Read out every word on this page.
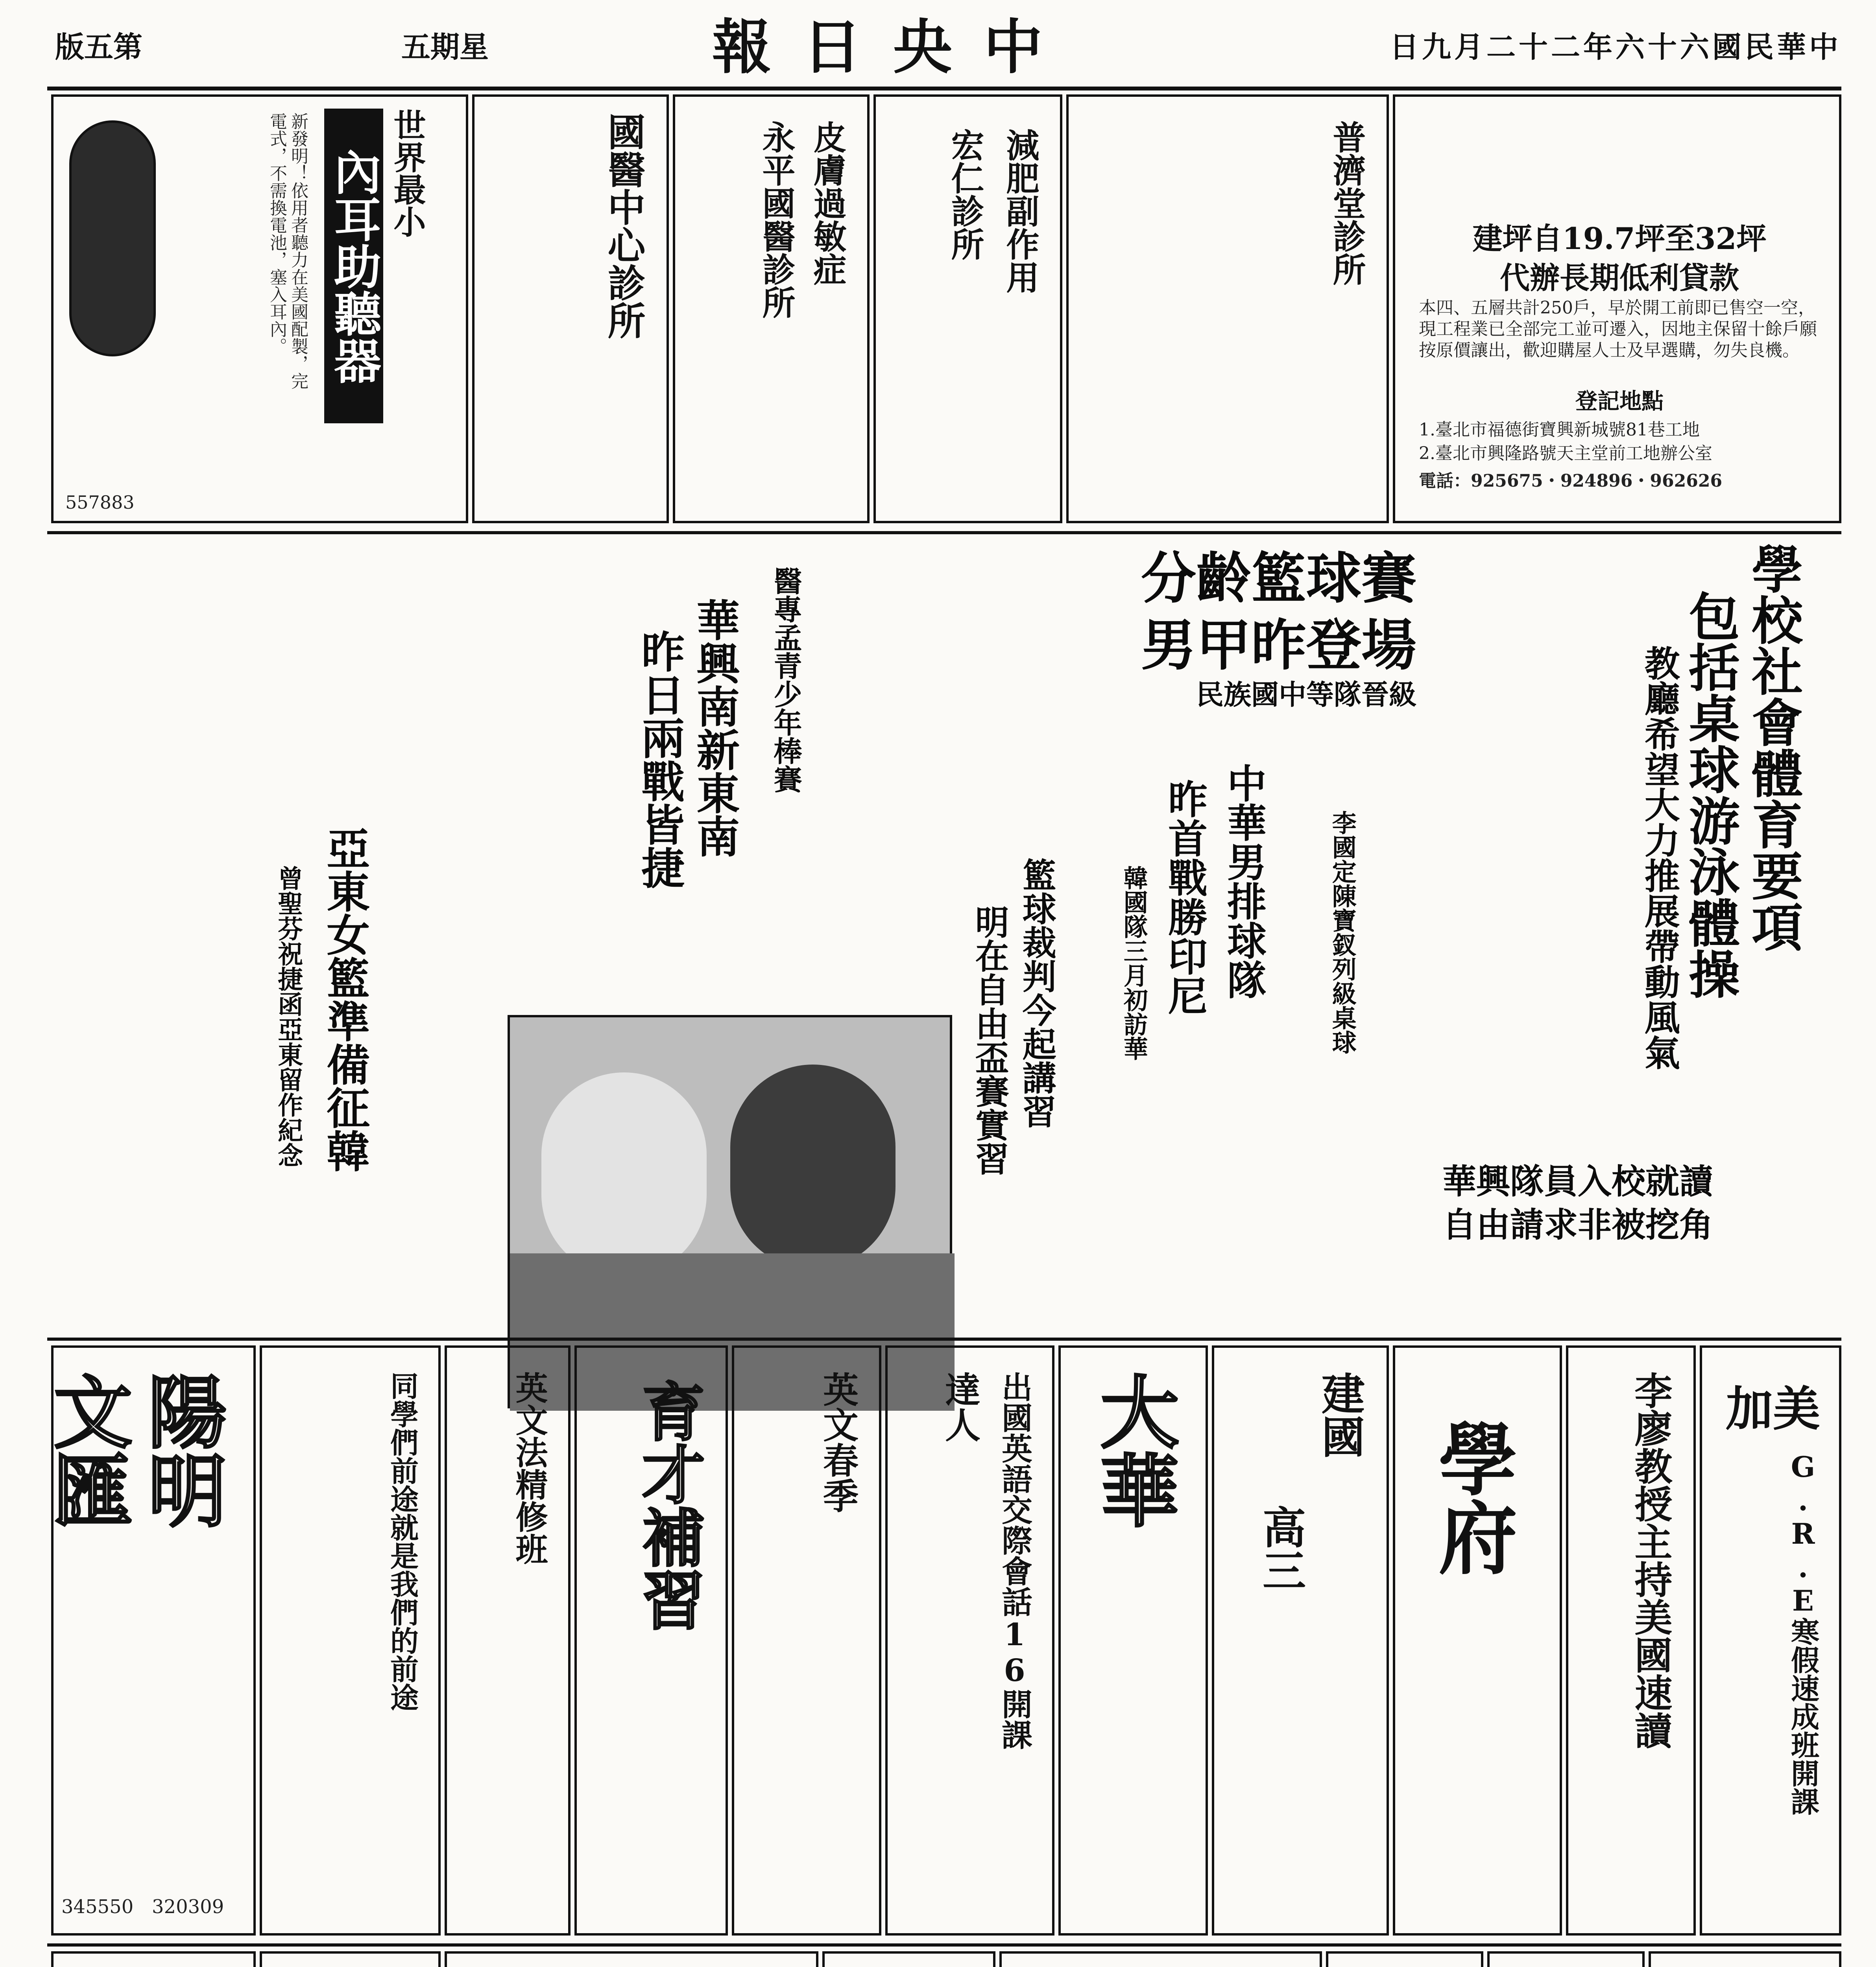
版五第	五期星	報日央中	日九月二十二年六十六國民華中
世界最小
內耳助聽器
新發明！依用者聽力在美國配製，完電式，不需換電池，塞入耳內。
557883
國醫中心診所	皮膚過敏症
永平國醫診所	減肥副作用
宏仁診所	普濟堂診所	建坪自19.7坪至32坪
代辦長期低利貸款
本四、五層共計250戶，早於開工前即已售空一空，現工程業已全部完工並可遷入，因地主保留十餘戶願按原價讓出，歡迎購屋人士及早選購，勿失良機。
登記地點
1.臺北市福德街寶興新城號81巷工地
2.臺北市興隆路號天主堂前工地辦公室
電話：925675・924896・962626
學校社會體育要項
包括桌球游泳體操
教廳希望大力推展帶動風氣
分齡籃球賽
男甲昨登場
民族國中等隊晉級
中華男排球隊
昨首戰勝印尼
韓國隊三月初訪華	李國定陳寶釵列級桌球
醫專孟青少年棒賽
華興南新東南
昨日兩戰皆捷
亞東女籃準備征韓
曾聖芬祝捷函亞東留作紀念	籃球裁判今起講習
明在自由盃賽實習
華興隊員入校就讀
自由請求非被挖角
陽明
文匯
345550 320309
同學們前途就是我們的前途	英文法精修班 育才補習	英文春季	出國英語交際會話16開課
達人 大華	建國
高三 學府	李廖教授主持美國速讀 加美
G.R.E寒假速成班開課
